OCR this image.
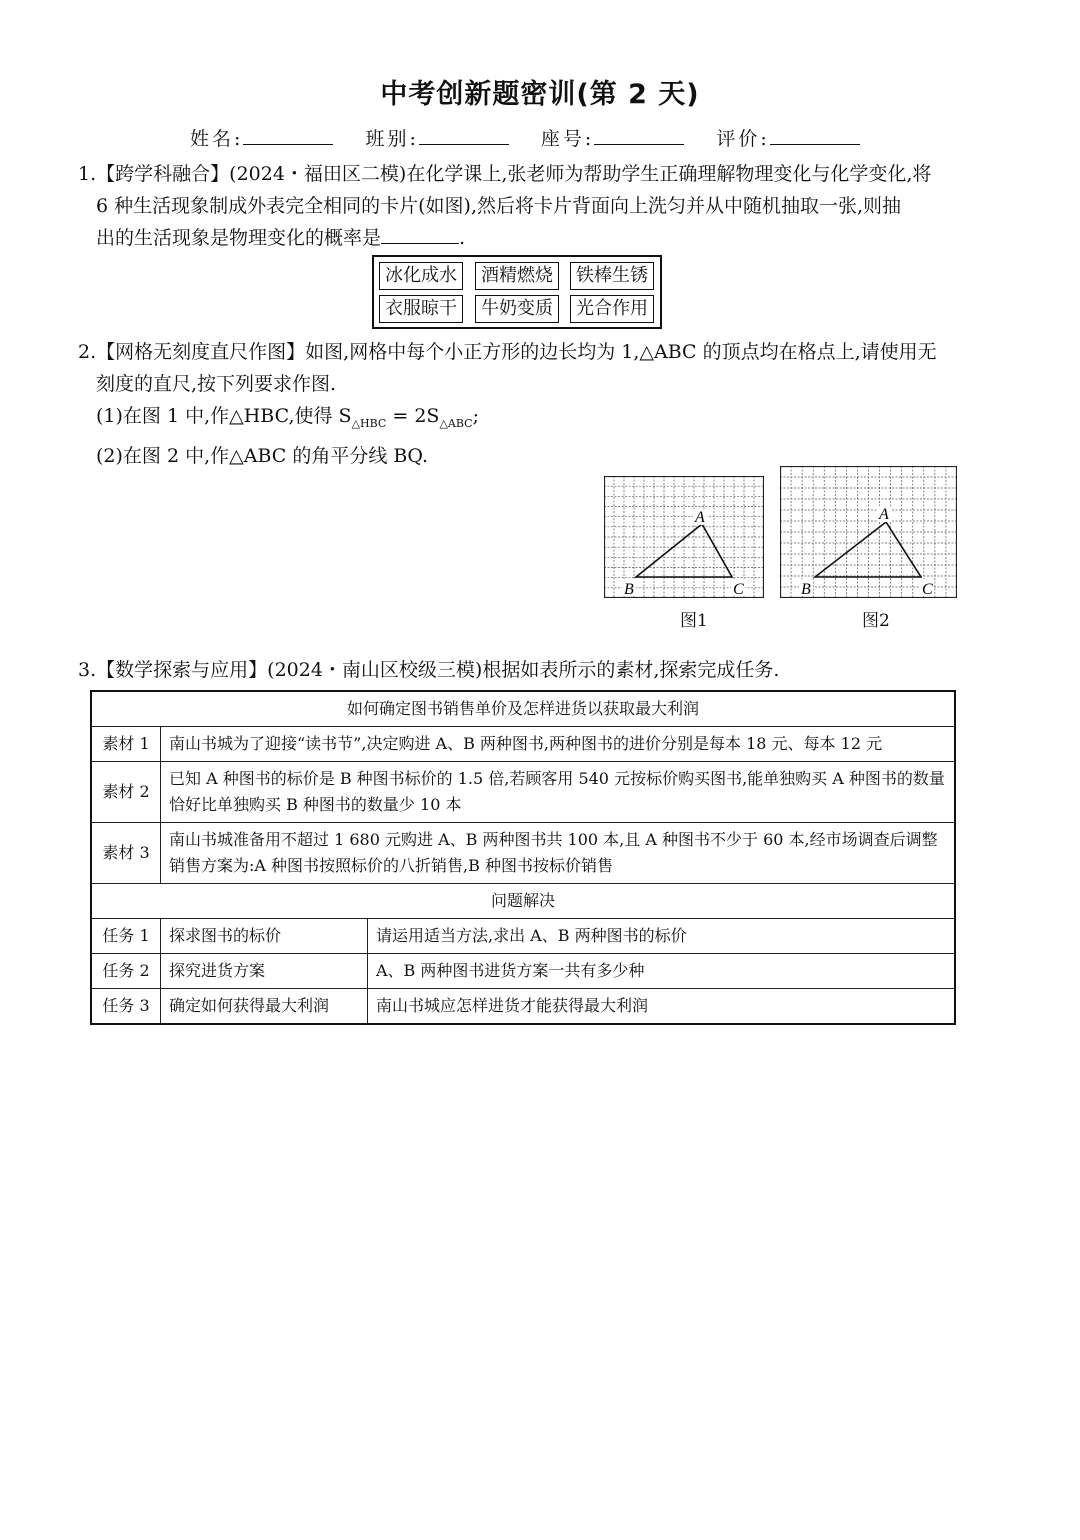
中考创新题密训(第 2 天)
姓名:	班别:	座号:	评价:
1.【跨学科融合】(2024・福田区二模)在化学课上,张老师为帮助学生正确理解物理变化与化学变化,将
6 种生活现象制成外表完全相同的卡片(如图),然后将卡片背面向上洗匀并从中随机抽取一张,则抽
出的生活现象是物理变化的概率是	.
冰化成水	酒精燃烧	铁棒生锈
衣服晾干	牛奶变质	光合作用
2.【网格无刻度直尺作图】如图,网格中每个小正方形的边长均为 1,△ABC 的顶点均在格点上,请使用无
刻度的直尺,按下列要求作图.
(1)在图 1 中,作△HBC,使得 $S_{\triangle HBC} = 2S_{\triangle ABC}$;
(2)在图 2 中,作△ABC 的角平分线 BQ.
A
B	C
图1
A
B	C
图2
3.【数学探索与应用】(2024・南山区校级三模)根据如表所示的素材,探索完成任务.
如何确定图书销售单价及怎样进货以获取最大利润		
素材 1	南山书城为了迎接“读书节”,决定购进 A、B 两种图书,两种图书的进价分别是每本 18 元、每本 12 元	
素材 2	已知 A 种图书的标价是 B 种图书标价的 1.5 倍,若顾客用 540 元按标价购买图书,能单独购买 A 种图书的数量恰好比单独购买 B 种图书的数量少 10 本	
素材 3	南山书城准备用不超过 1 680 元购进 A、B 两种图书共 100 本,且 A 种图书不少于 60 本,经市场调查后调整销售方案为:A 种图书按照标价的八折销售,B 种图书按标价销售	
问题解决		
任务 1	探求图书的标价	请运用适当方法,求出 A、B 两种图书的标价
任务 2	探究进货方案	A、B 两种图书进货方案一共有多少种
任务 3	确定如何获得最大利润	南山书城应怎样进货才能获得最大利润
